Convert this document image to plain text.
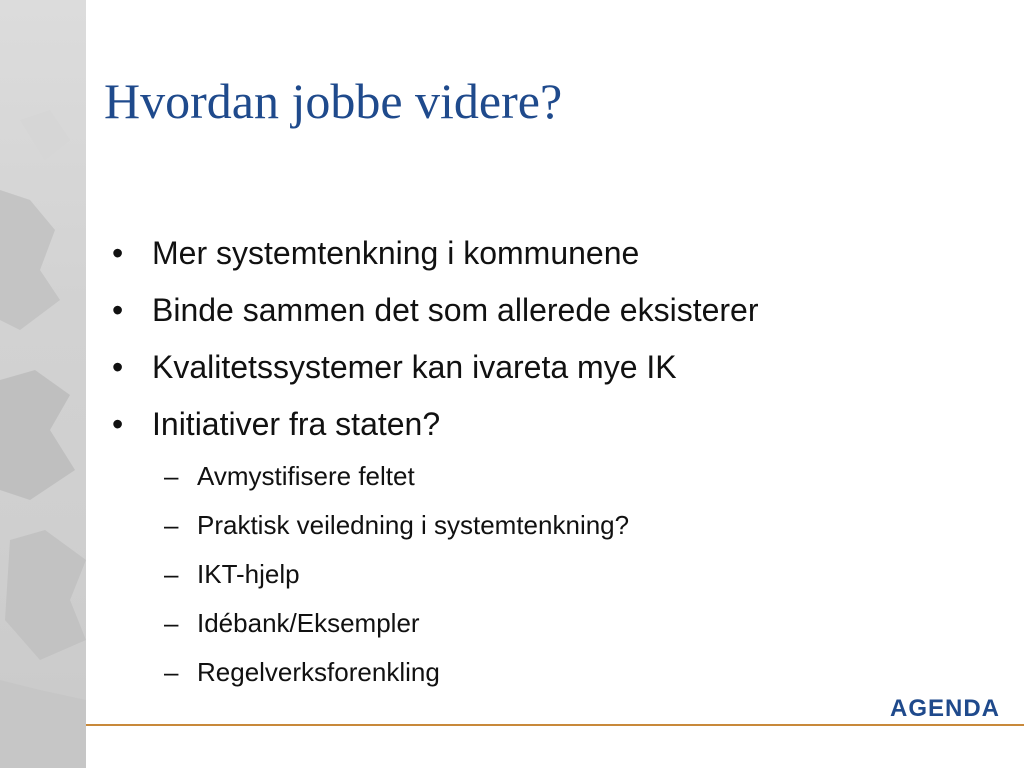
Hvordan jobbe videre?
• Mer systemtenkning i kommunene
• Binde sammen det som allerede eksisterer
• Kvalitetssystemer kan ivareta mye IK
• Initiativer fra staten?
– Avmystifisere feltet
– Praktisk veiledning i systemtenkning?
– IKT-hjelp
– Idébank/Eksempler
– Regelverksforenkling
AGENDA
